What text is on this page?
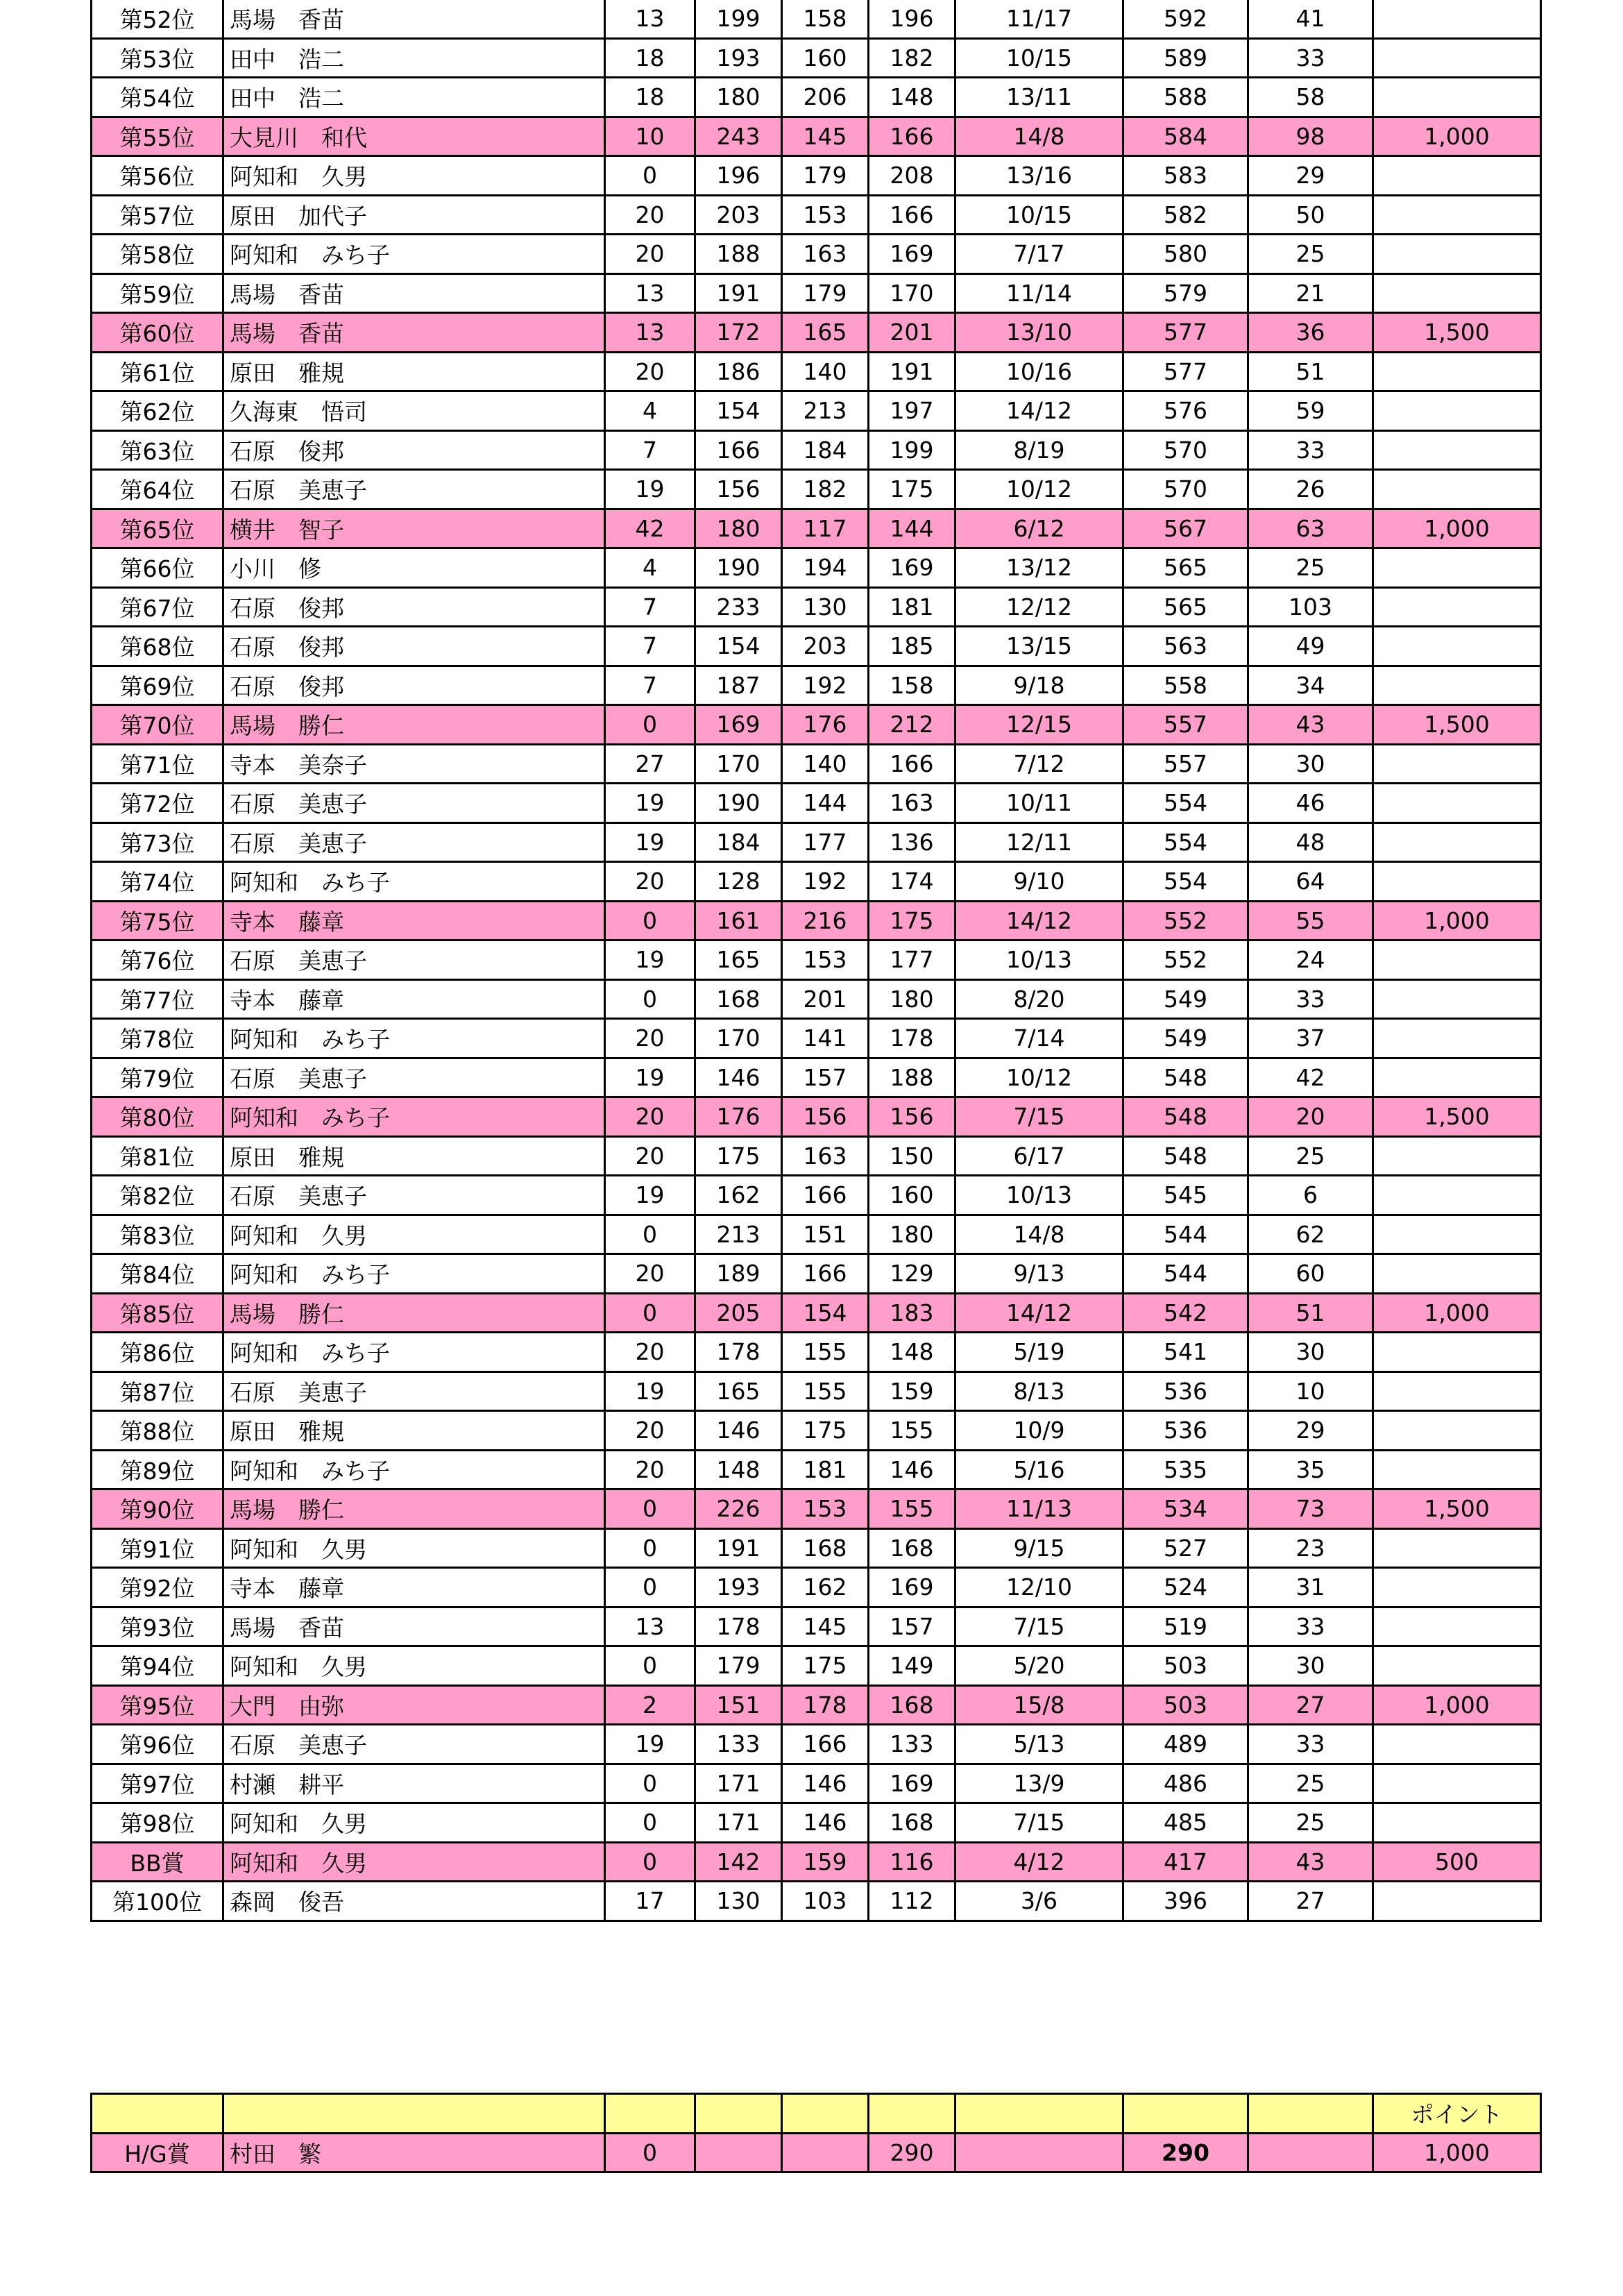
第52位	馬場　香苗	13	199	158	196	11/17	592	41	
第53位	田中　浩二	18	193	160	182	10/15	589	33	
第54位	田中　浩二	18	180	206	148	13/11	588	58	
第55位	大見川　和代	10	243	145	166	14/8	584	98	1,000
第56位	阿知和　久男	0	196	179	208	13/16	583	29	
第57位	原田　加代子	20	203	153	166	10/15	582	50	
第58位	阿知和　みち子	20	188	163	169	7/17	580	25	
第59位	馬場　香苗	13	191	179	170	11/14	579	21	
第60位	馬場　香苗	13	172	165	201	13/10	577	36	1,500
第61位	原田　雅規	20	186	140	191	10/16	577	51	
第62位	久海東　悟司	4	154	213	197	14/12	576	59	
第63位	石原　俊邦	7	166	184	199	8/19	570	33	
第64位	石原　美恵子	19	156	182	175	10/12	570	26	
第65位	横井　智子	42	180	117	144	6/12	567	63	1,000
第66位	小川　修	4	190	194	169	13/12	565	25	
第67位	石原　俊邦	7	233	130	181	12/12	565	103	
第68位	石原　俊邦	7	154	203	185	13/15	563	49	
第69位	石原　俊邦	7	187	192	158	9/18	558	34	
第70位	馬場　勝仁	0	169	176	212	12/15	557	43	1,500
第71位	寺本　美奈子	27	170	140	166	7/12	557	30	
第72位	石原　美恵子	19	190	144	163	10/11	554	46	
第73位	石原　美恵子	19	184	177	136	12/11	554	48	
第74位	阿知和　みち子	20	128	192	174	9/10	554	64	
第75位	寺本　藤章	0	161	216	175	14/12	552	55	1,000
第76位	石原　美恵子	19	165	153	177	10/13	552	24	
第77位	寺本　藤章	0	168	201	180	8/20	549	33	
第78位	阿知和　みち子	20	170	141	178	7/14	549	37	
第79位	石原　美恵子	19	146	157	188	10/12	548	42	
第80位	阿知和　みち子	20	176	156	156	7/15	548	20	1,500
第81位	原田　雅規	20	175	163	150	6/17	548	25	
第82位	石原　美恵子	19	162	166	160	10/13	545	6	
第83位	阿知和　久男	0	213	151	180	14/8	544	62	
第84位	阿知和　みち子	20	189	166	129	9/13	544	60	
第85位	馬場　勝仁	0	205	154	183	14/12	542	51	1,000
第86位	阿知和　みち子	20	178	155	148	5/19	541	30	
第87位	石原　美恵子	19	165	155	159	8/13	536	10	
第88位	原田　雅規	20	146	175	155	10/9	536	29	
第89位	阿知和　みち子	20	148	181	146	5/16	535	35	
第90位	馬場　勝仁	0	226	153	155	11/13	534	73	1,500
第91位	阿知和　久男	0	191	168	168	9/15	527	23	
第92位	寺本　藤章	0	193	162	169	12/10	524	31	
第93位	馬場　香苗	13	178	145	157	7/15	519	33	
第94位	阿知和　久男	0	179	175	149	5/20	503	30	
第95位	大門　由弥	2	151	178	168	15/8	503	27	1,000
第96位	石原　美恵子	19	133	166	133	5/13	489	33	
第97位	村瀬　耕平	0	171	146	169	13/9	486	25	
第98位	阿知和　久男	0	171	146	168	7/15	485	25	
BB賞	阿知和　久男	0	142	159	116	4/12	417	43	500
第100位	森岡　俊吾	17	130	103	112	3/6	396	27	
									ポイント
H/G賞	村田　繁	0			290		290		1,000
